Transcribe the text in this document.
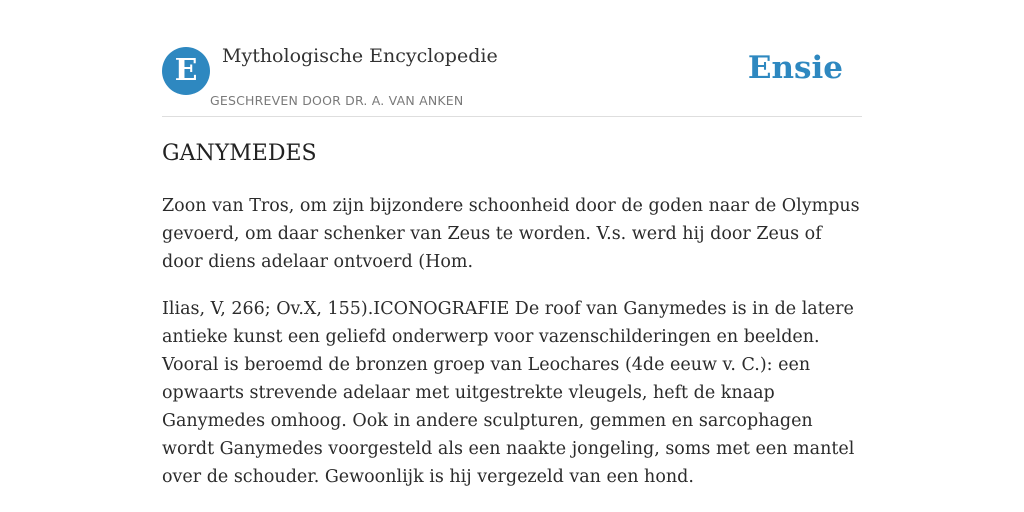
E	Mythologische Encyclopedie
GESCHREVEN DOOR DR. A. VAN ANKEN
Ensie
GANYMEDES

Zoon van Tros, om zijn bijzondere schoonheid door de goden naar de Olympus gevoerd, om daar schenker van Zeus te worden. V.s. werd hij door Zeus of door diens adelaar ontvoerd (Hom.

Ilias, V, 266; Ov.X, 155).ICONOGRAFIE De roof van Ganymedes is in de latere antieke kunst een geliefd onderwerp voor vazenschilderingen en beelden. Vooral is beroemd de bronzen groep van Leochares (4de eeuw v. C.): een opwaarts strevende adelaar met uitgestrekte vleugels, heft de knaap Ganymedes omhoog. Ook in andere sculpturen, gemmen en sarcophagen wordt Ganymedes voorgesteld als een naakte jongeling, soms met een mantel over de schouder. Gewoonlijk is hij vergezeld van een hond.
